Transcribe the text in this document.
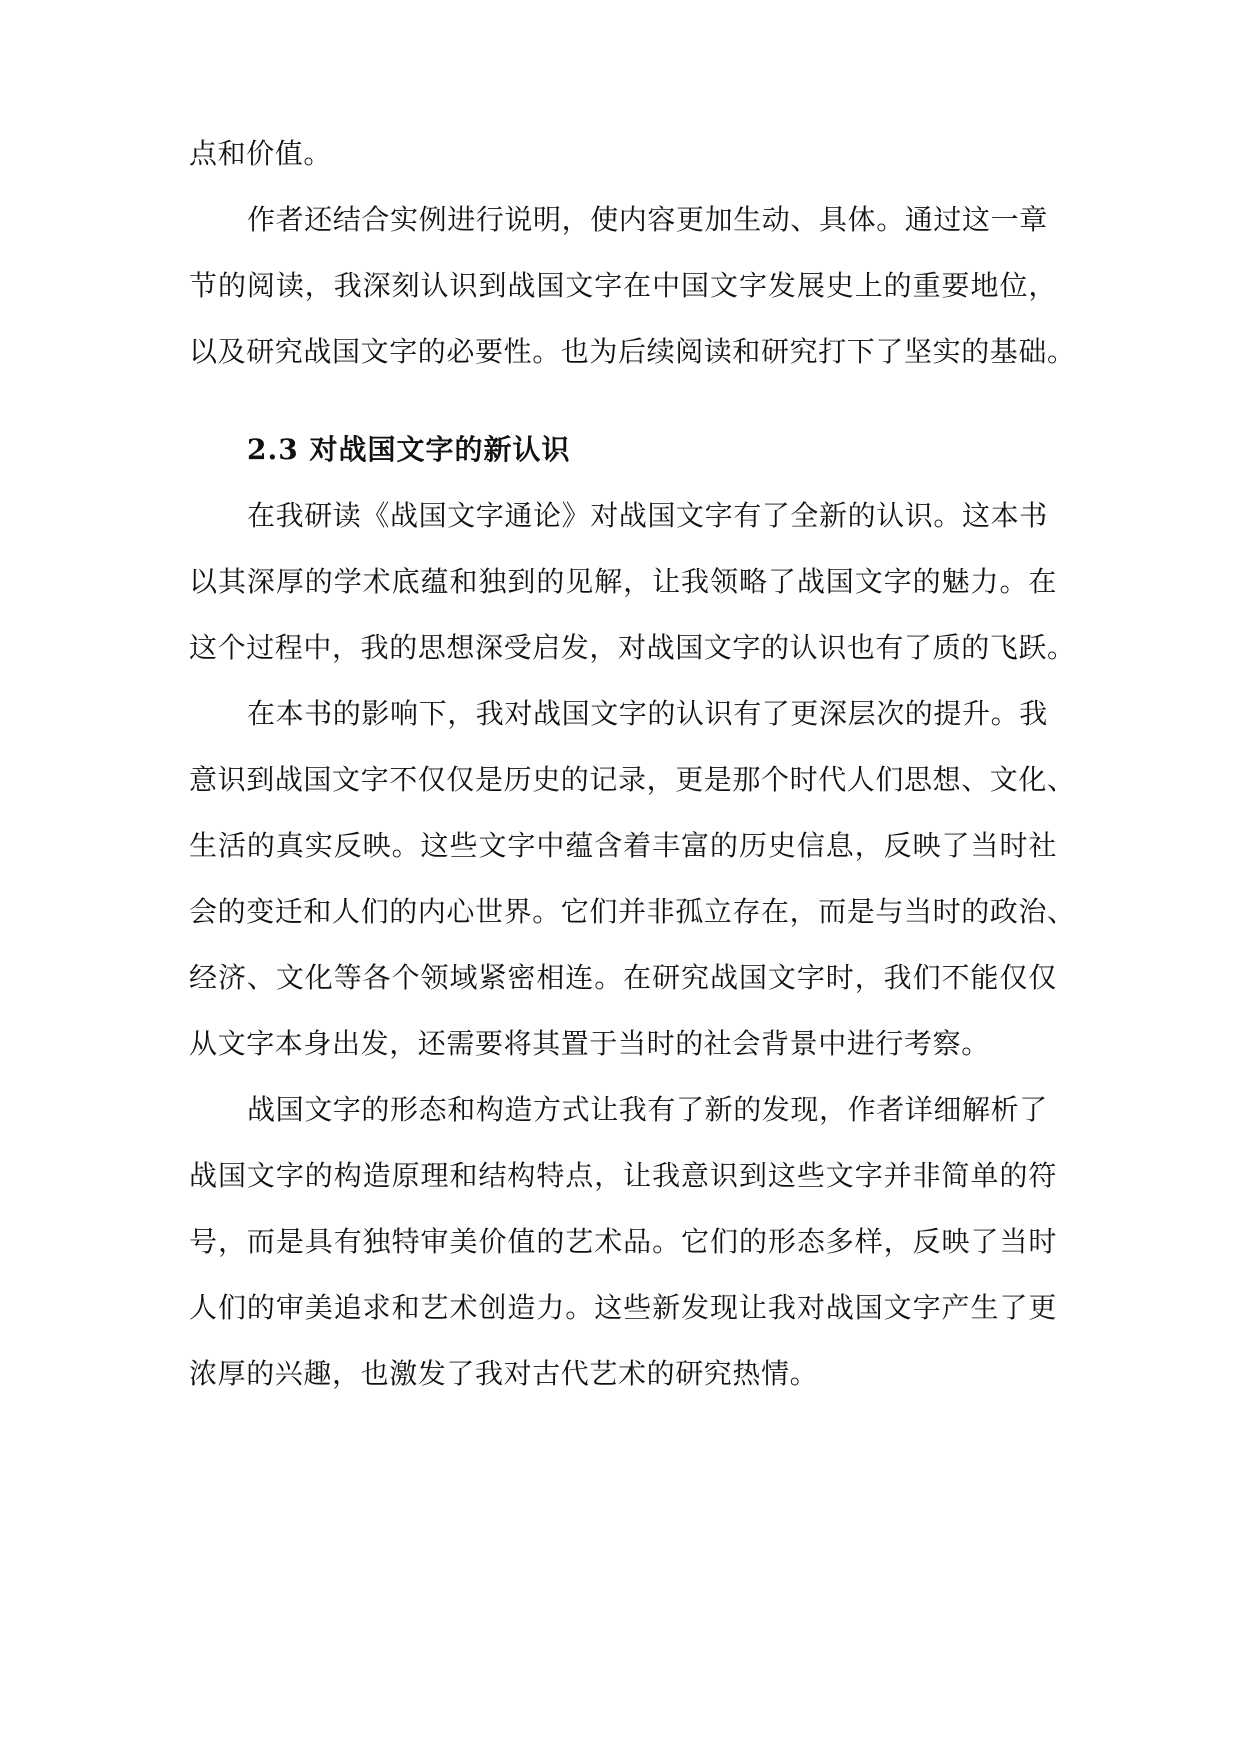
点和价值。
作者还结合实例进行说明，使内容更加生动、具体。通过这一章
节的阅读，我深刻认识到战国文字在中国文字发展史上的重要地位，
以及研究战国文字的必要性。也为后续阅读和研究打下了坚实的基础。
2.3 对战国文字的新认识
在我研读《战国文字通论》对战国文字有了全新的认识。这本书
以其深厚的学术底蕴和独到的见解，让我领略了战国文字的魅力。在
这个过程中，我的思想深受启发，对战国文字的认识也有了质的飞跃。
在本书的影响下，我对战国文字的认识有了更深层次的提升。我
意识到战国文字不仅仅是历史的记录，更是那个时代人们思想、文化、
生活的真实反映。这些文字中蕴含着丰富的历史信息，反映了当时社
会的变迁和人们的内心世界。它们并非孤立存在，而是与当时的政治、
经济、文化等各个领域紧密相连。在研究战国文字时，我们不能仅仅
从文字本身出发，还需要将其置于当时的社会背景中进行考察。
战国文字的形态和构造方式让我有了新的发现，作者详细解析了
战国文字的构造原理和结构特点，让我意识到这些文字并非简单的符
号，而是具有独特审美价值的艺术品。它们的形态多样，反映了当时
人们的审美追求和艺术创造力。这些新发现让我对战国文字产生了更
浓厚的兴趣，也激发了我对古代艺术的研究热情。
